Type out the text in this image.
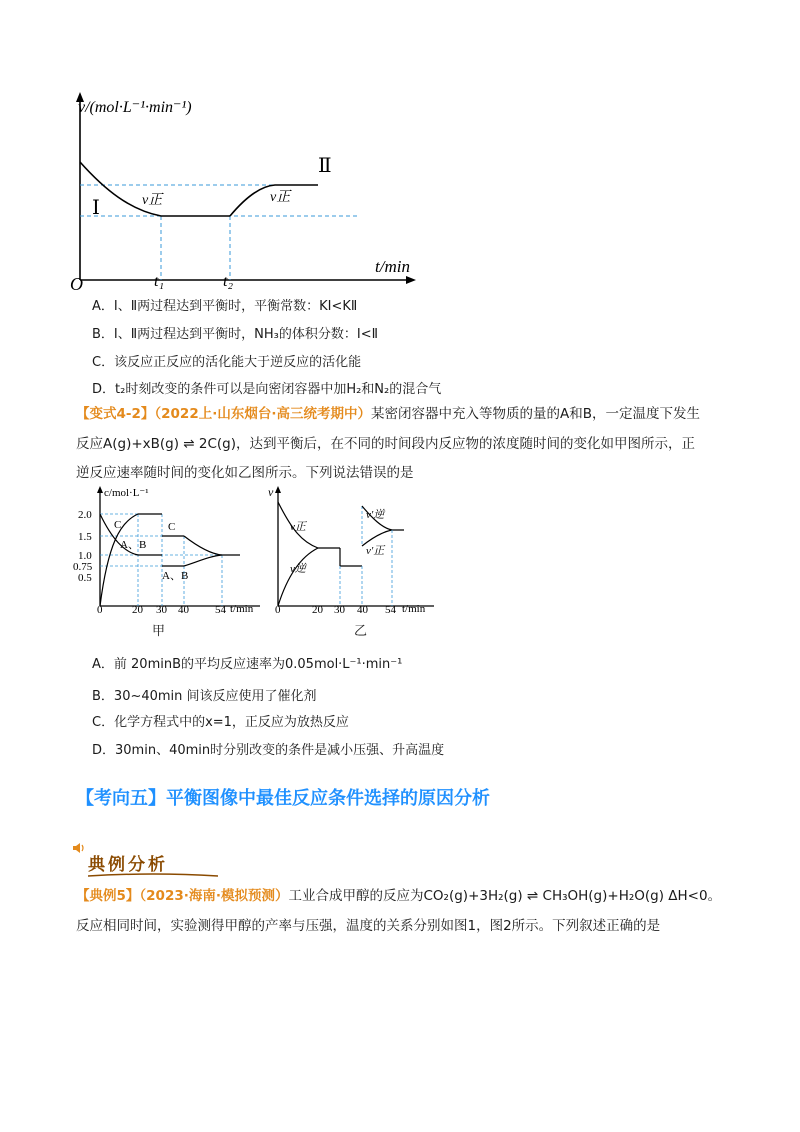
v/(mol·L⁻¹·min⁻¹)
O
t/min
t₁	t₂
Ⅰ
Ⅱ
v正	v正
A．Ⅰ、Ⅱ两过程达到平衡时，平衡常数：KⅠ<KⅡ
B．Ⅰ、Ⅱ两过程达到平衡时，NH₃的体积分数：Ⅰ<Ⅱ
C．该反应正反应的活化能大于逆反应的活化能
D．t₂时刻改变的条件可以是向密闭容器中加H₂和N₂的混合气
【变式4-2】（2022上·山东烟台·高三统考期中）某密闭容器中充入等物质的量的A和B，一定温度下发生
反应A(g)+xB(g) ⇌ 2C(g)，达到平衡后，在不同的时间段内反应物的浓度随时间的变化如甲图所示，正
逆反应速率随时间的变化如乙图所示。下列说法错误的是
2.0
1.5
1.0
0.75
0.5
0	20 30 40 54
c/mol·L⁻¹
t/min
C
A、B
C
A、B
甲
v
t/min
0	20 30 40 54
v正
v逆
v'逆
v'正
乙
A．前 20minB的平均反应速率为0.05mol·L⁻¹·min⁻¹
B．30~40min 间该反应使用了催化剂
C．化学方程式中的x=1，正反应为放热反应
D．30min、40min时分别改变的条件是减小压强、升高温度
【考向五】平衡图像中最佳反应条件选择的原因分析
典例分析
【典例5】（2023·海南·模拟预测）工业合成甲醇的反应为CO₂(g)+3H₂(g) ⇌ CH₃OH(g)+H₂O(g) ΔH<0。
反应相同时间，实验测得甲醇的产率与压强，温度的关系分别如图1，图2所示。下列叙述正确的是
